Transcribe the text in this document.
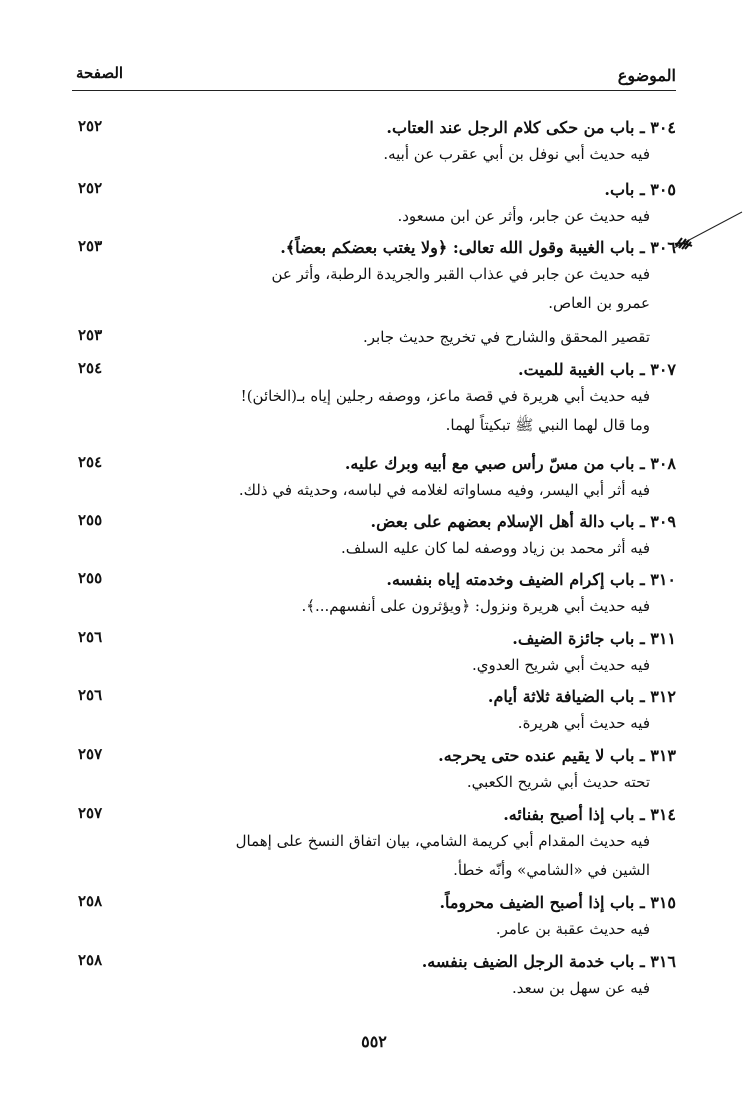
الموضوع
الصفحة
٢٥٢	٣٠٤ ـ باب من حكى كلام الرجل عند العتاب.
فيه حديث أبي نوفل بن أبي عقرب عن أبيه.
٢٥٢	٣٠٥ ـ باب.
فيه حديث عن جابر، وأثر عن ابن مسعود.
٢٥٣	٣٠٦ ـ باب الغيبة وقول الله تعالى: ﴿ولا يغتب بعضكم بعضاً﴾.
فيه حديث عن جابر في عذاب القبر والجريدة الرطبة، وأثر عن
عمرو بن العاص.
٢٥٣	تقصير المحقق والشارح في تخريج حديث جابر.
٢٥٤	٣٠٧ ـ باب الغيبة للميت.
فيه حديث أبي هريرة في قصة ماعز، ووصفه رجلين إياه بـ(الخائن)!
وما قال لهما النبي ﷺ تبكيتاً لهما.
٢٥٤	٣٠٨ ـ باب من مسّ رأس صبي مع أبيه وبرك عليه.
فيه أثر أبي اليسر، وفيه مساواته لغلامه في لباسه، وحديثه في ذلك.
٢٥٥	٣٠٩ ـ باب دالة أهل الإسلام بعضهم على بعض.
فيه أثر محمد بن زياد ووصفه لما كان عليه السلف.
٢٥٥	٣١٠ ـ باب إكرام الضيف وخدمته إياه بنفسه.
فيه حديث أبي هريرة ونزول: ﴿ويؤثرون على أنفسهم...﴾.
٢٥٦	٣١١ ـ باب جائزة الضيف.
فيه حديث أبي شريح العدوي.
٢٥٦	٣١٢ ـ باب الضيافة ثلاثة أيام.
فيه حديث أبي هريرة.
٢٥٧	٣١٣ ـ باب لا يقيم عنده حتى يحرجه.
تحته حديث أبي شريح الكعبي.
٢٥٧	٣١٤ ـ باب إذا أصبح بفنائه.
فيه حديث المقدام أبي كريمة الشامي، بيان اتفاق النسخ على إهمال
الشين في «الشامي» وأنّه خطأ.
٢٥٨	٣١٥ ـ باب إذا أصبح الضيف محروماً.
فيه حديث عقبة بن عامر.
٢٥٨	٣١٦ ـ باب خدمة الرجل الضيف بنفسه.
فيه عن سهل بن سعد.
٥٥٢
